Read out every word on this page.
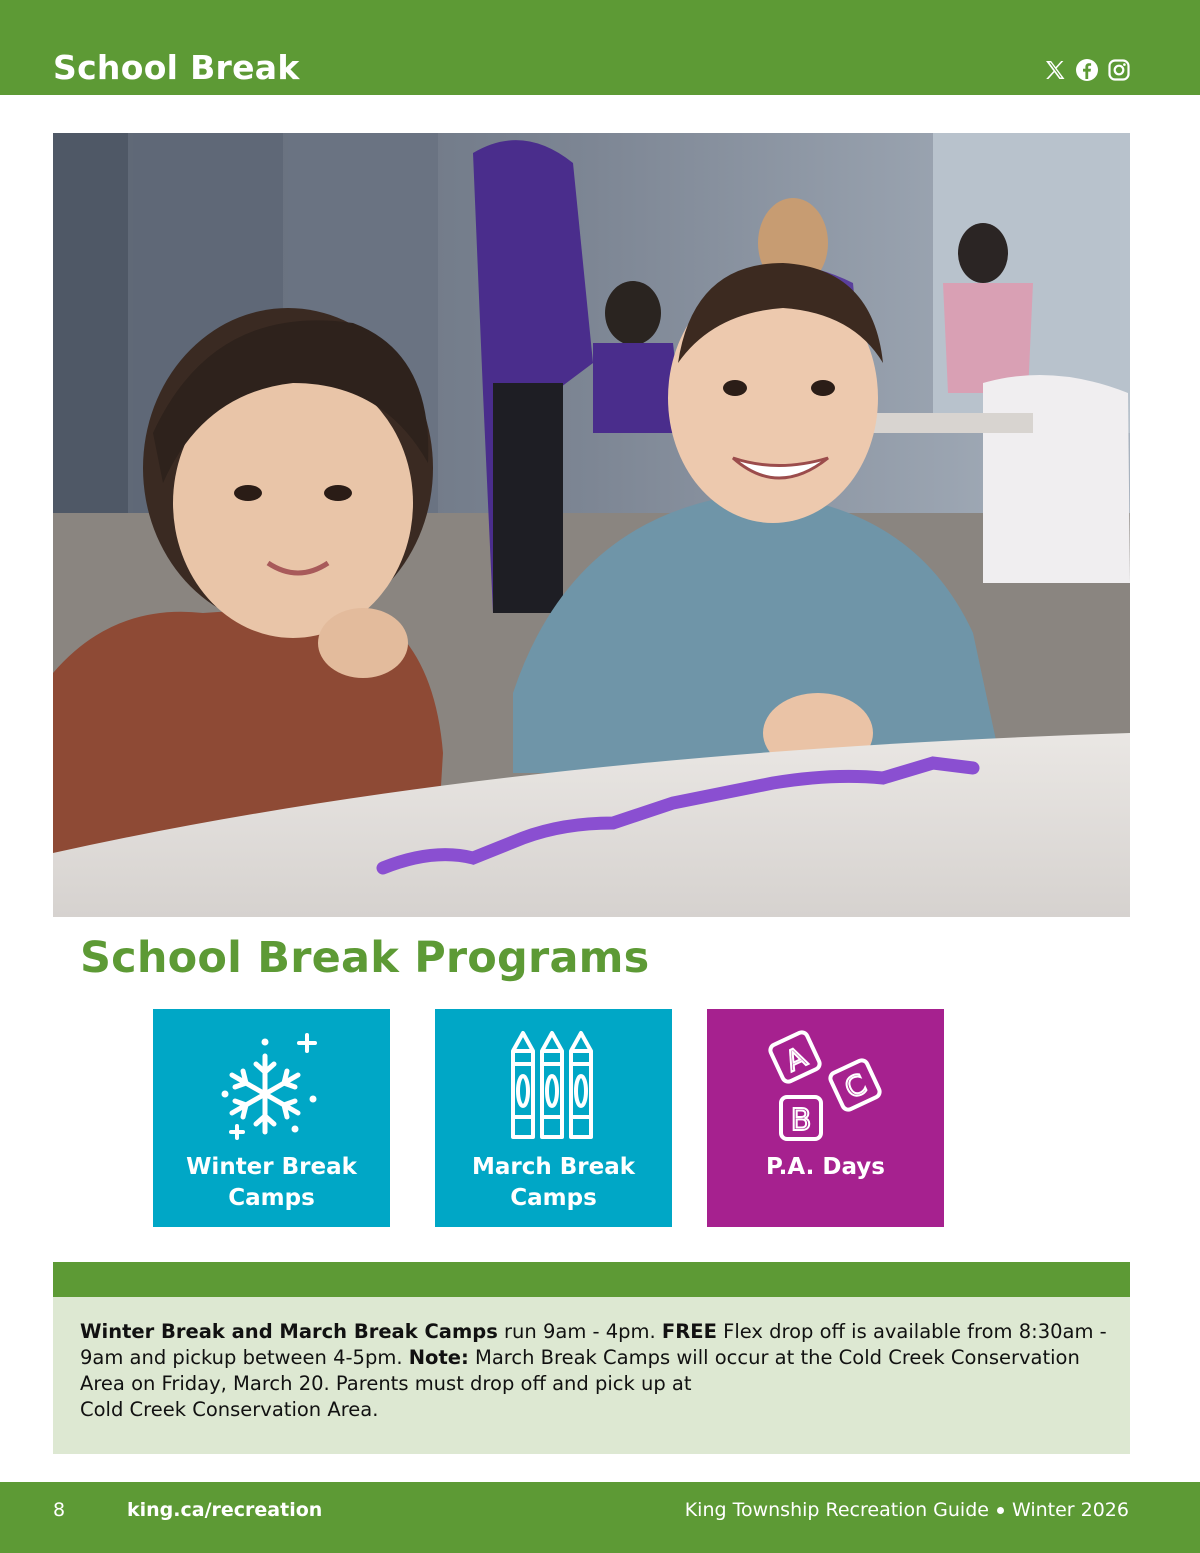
School Break
School Break Programs
Winter Break
Camps
March Break
Camps
A
B
C
P.A. Days
Winter Break and March Break Camps run 9am - 4pm. FREE Flex drop off is available from 8:30am - 9am and pickup between 4-5pm. Note: March Break Camps will occur at the Cold Creek Conservation Area on Friday, March 20. Parents must drop off and pick up at
Cold Creek Conservation Area.
8	king.ca/recreation	King Township Recreation Guide Winter 2026
